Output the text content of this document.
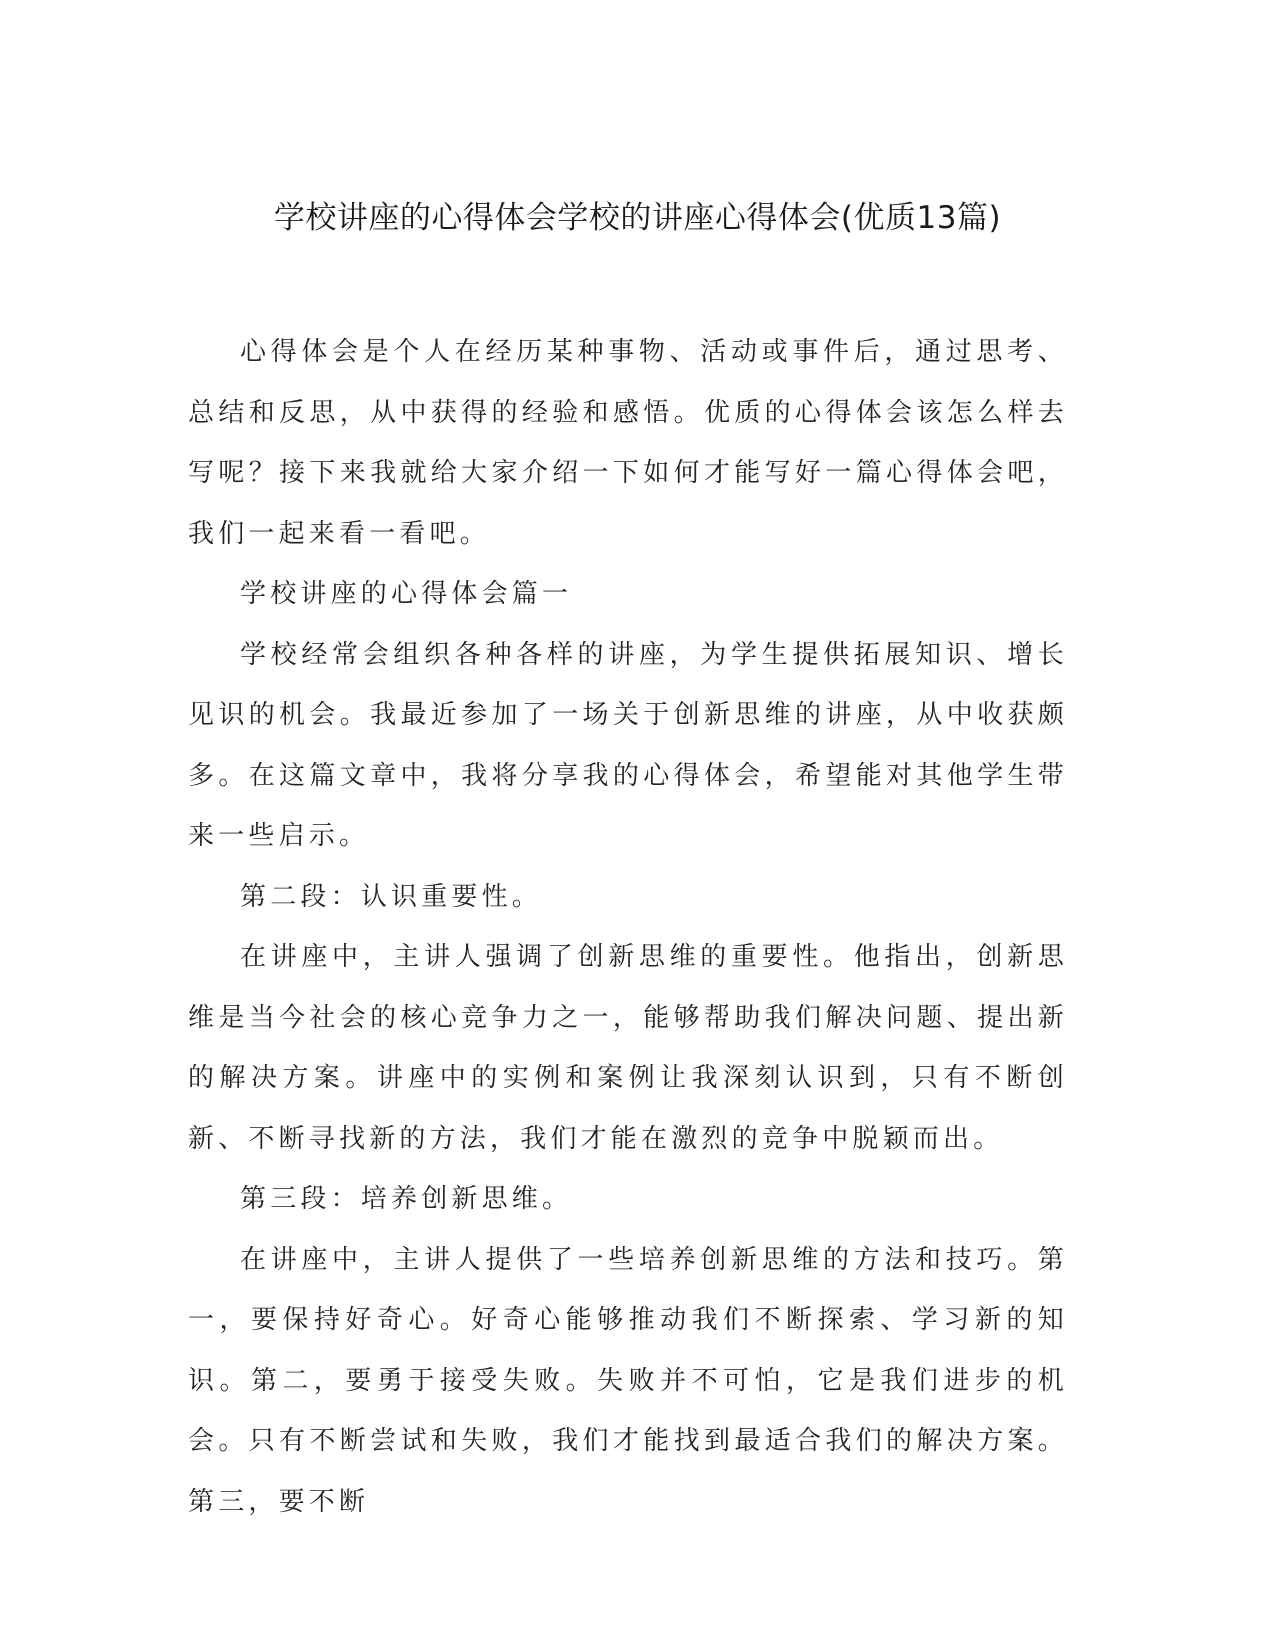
学校讲座的心得体会学校的讲座心得体会(优质13篇)

心得体会是个人在经历某种事物、活动或事件后，通过思考、总结和反思，从中获得的经验和感悟。优质的心得体会该怎么样去写呢？接下来我就给大家介绍一下如何才能写好一篇心得体会吧，我们一起来看一看吧。

学校讲座的心得体会篇一

学校经常会组织各种各样的讲座，为学生提供拓展知识、增长见识的机会。我最近参加了一场关于创新思维的讲座，从中收获颇多。在这篇文章中，我将分享我的心得体会，希望能对其他学生带来一些启示。

第二段：认识重要性。

在讲座中，主讲人强调了创新思维的重要性。他指出，创新思维是当今社会的核心竞争力之一，能够帮助我们解决问题、提出新的解决方案。讲座中的实例和案例让我深刻认识到，只有不断创新、不断寻找新的方法，我们才能在激烈的竞争中脱颖而出。

第三段：培养创新思维。

在讲座中，主讲人提供了一些培养创新思维的方法和技巧。第一，要保持好奇心。好奇心能够推动我们不断探索、学习新的知识。第二，要勇于接受失败。失败并不可怕，它是我们进步的机会。只有不断尝试和失败，我们才能找到最适合我们的解决方案。第三，要不断
